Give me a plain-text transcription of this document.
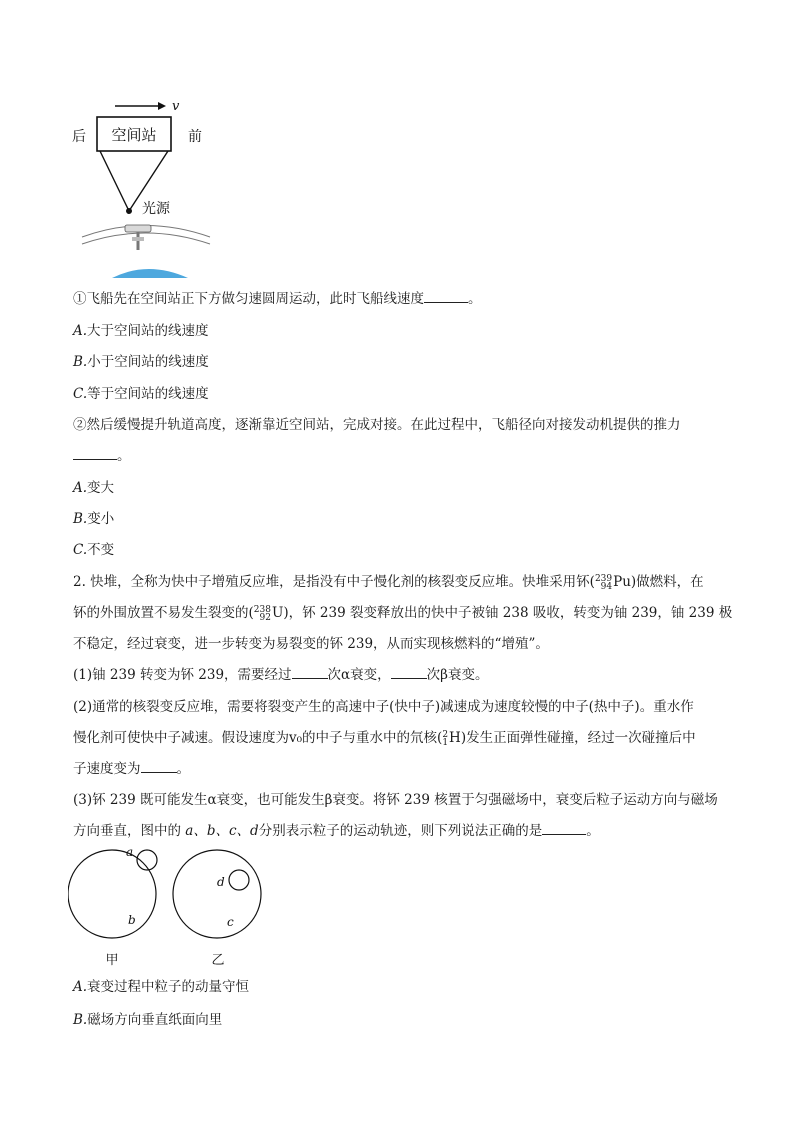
v
空间站
后	前
光源
①飞船先在空间站正下方做匀速圆周运动，此时飞船线速度	。
A.大于空间站的线速度
B.小于空间站的线速度
C.等于空间站的线速度
②然后缓慢提升轨道高度，逐渐靠近空间站，完成对接。在此过程中，飞船径向对接发动机提供的推力
。
A.变大
B.变小
C.不变
2. 快堆，全称为快中子增殖反应堆，是指没有中子慢化剂的核裂变反应堆。快堆采用钚( 239
94 Pu)做燃料，在
钚的外围放置不易发生裂变的( 238
92 U)，钚 239 裂变释放出的快中子被铀 238 吸收，转变为铀 239，铀 239 极
不稳定，经过衰变，进一步转变为易裂变的钚 239，从而实现核燃料的“增殖”。
(1)铀 239 转变为钚 239，需要经过	次α衰变，	次β衰变。
(2)通常的核裂变反应堆，需要将裂变产生的高速中子(快中子)减速成为速度较慢的中子(热中子)。重水作
慢化剂可使快中子减速。假设速度为v₀的中子与重水中的氘核( 2
1 H)发生正面弹性碰撞，经过一次碰撞后中
子速度变为	。
(3)钚 239 既可能发生α衰变，也可能发生β衰变。将钚 239 核置于匀强磁场中，衰变后粒子运动方向与磁场
方向垂直，图中的 a、b、c、d分别表示粒子的运动轨迹，则下列说法正确的是	。
a
b
d
c
甲	乙
A.衰变过程中粒子的动量守恒
B.磁场方向垂直纸面向里
